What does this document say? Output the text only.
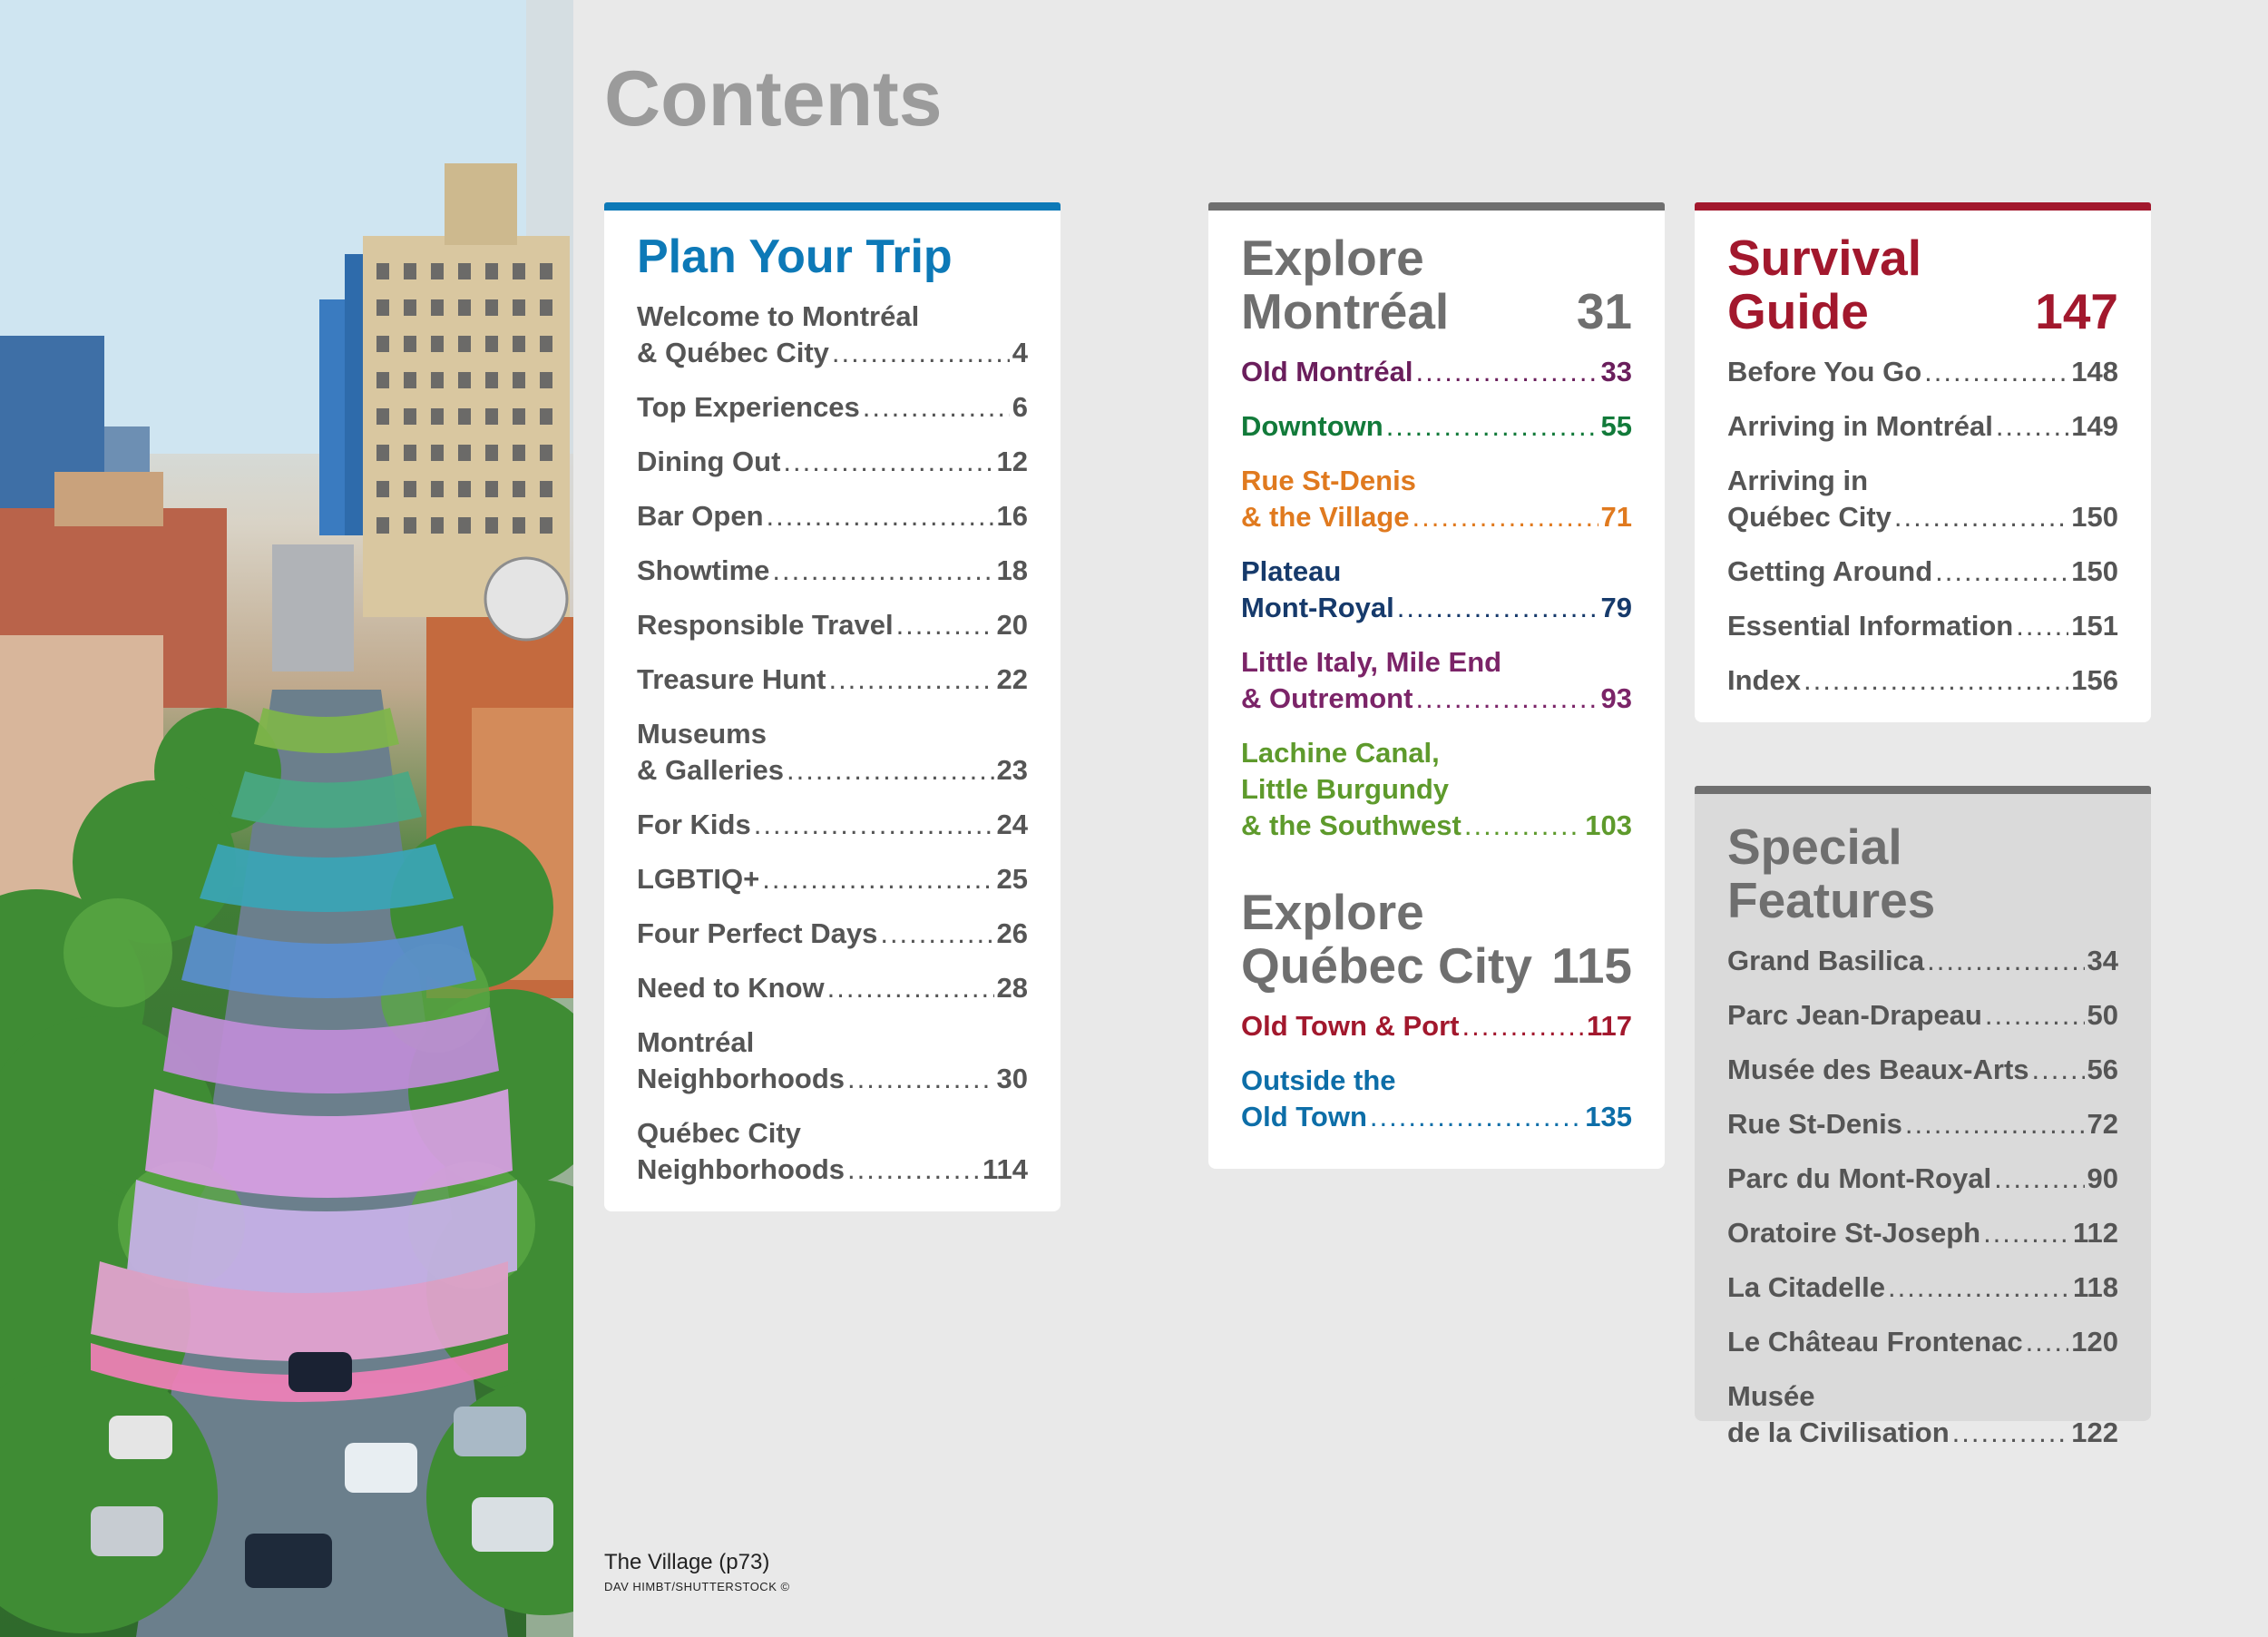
Contents
Plan Your Trip
Welcome to Montréal
& Québec City .....	4
Top Experiences .....	6
Dining Out .....	12
Bar Open .....	16
Showtime .....	18
Responsible Travel .....	20
Treasure Hunt .....	22
Museums
& Galleries .....	23
For Kids .....	24
LGBTIQ+ .....	25
Four Perfect Days .....	26
Need to Know .....	28
Montréal
Neighborhoods .....	30
Québec City
Neighborhoods .....	114
Explore
Montréal	31
Old Montréal .....	33
Downtown .....	55
Rue St-Denis
& the Village .....	71
Plateau
Mont-Royal .....	79
Little Italy, Mile End
& Outremont .....	93
Lachine Canal,
Little Burgundy
& the Southwest .....	103
Explore
Québec City 115
Old Town & Port .....	117
Outside the
Old Town .....	135
Survival
Guide	147
Before You Go .....	148
Arriving in Montréal .....	149
Arriving in
Québec City .....	150
Getting Around .....	150
Essential Information ..... 151
Index .....	156
Special Features
Grand Basilica .....	34
Parc Jean-Drapeau .....	50
Musée des Beaux-Arts ..... 56
Rue St-Denis .....	72
Parc du Mont-Royal .....	90
Oratoire St-Joseph .....	112
La Citadelle .....	118
Le Château Frontenac ..... 120
Musée
de la Civilisation .....	122
The Village (p73)
DAV HIMBT/SHUTTERSTOCK ©
